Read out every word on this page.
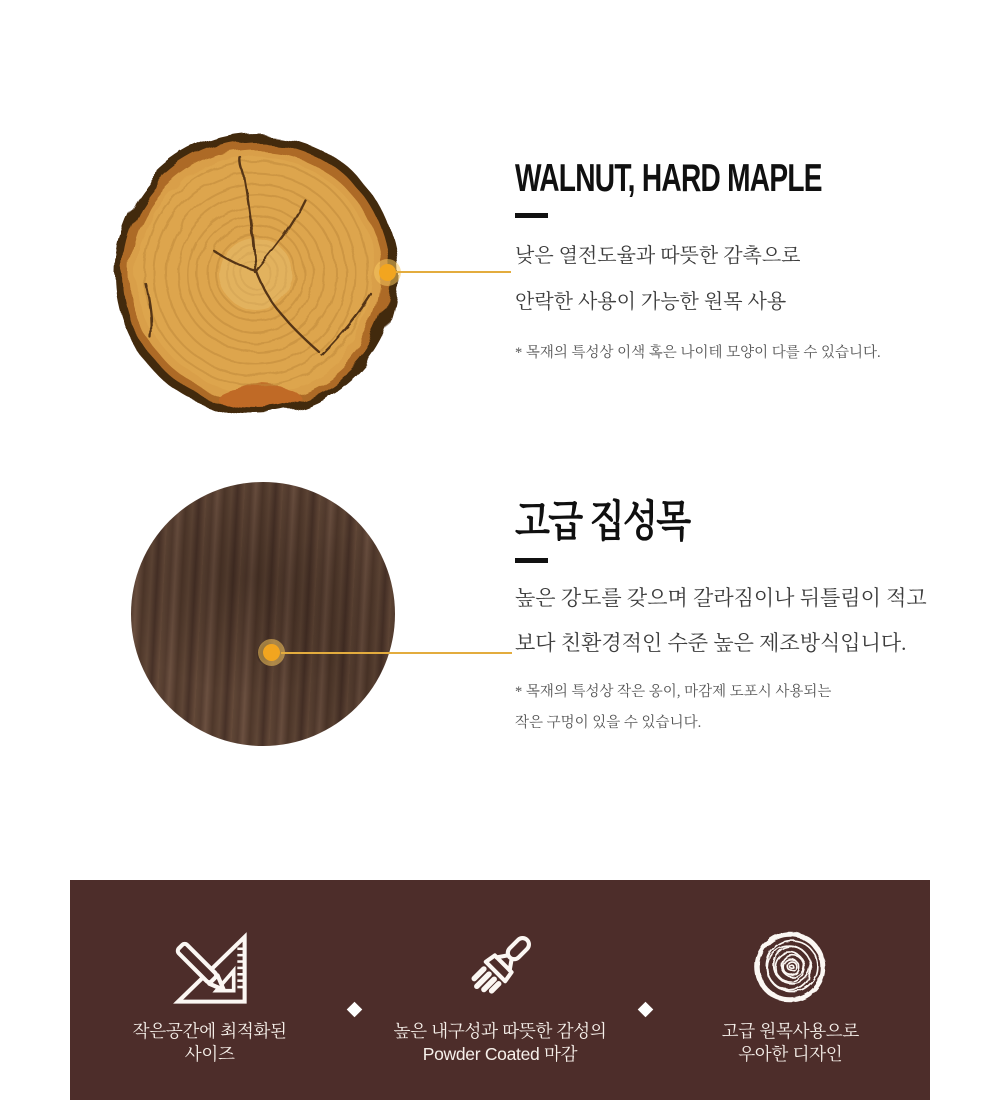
WALNUT, HARD MAPLE
낮은 열전도율과 따뜻한 감촉으로
안락한 사용이 가능한 원목 사용
* 목재의 특성상 이색 혹은 나이테 모양이 다를 수 있습니다.
고급 집성목
높은 강도를 갖으며 갈라짐이나 뒤틀림이 적고
보다 친환경적인 수준 높은 제조방식입니다.
* 목재의 특성상 작은 옹이, 마감제 도포시 사용되는
작은 구멍이 있을 수 있습니다.
작은공간에 최적화된
사이즈
높은 내구성과 따뜻한 감성의
Powder Coated 마감
고급 원목사용으로
우아한 디자인
